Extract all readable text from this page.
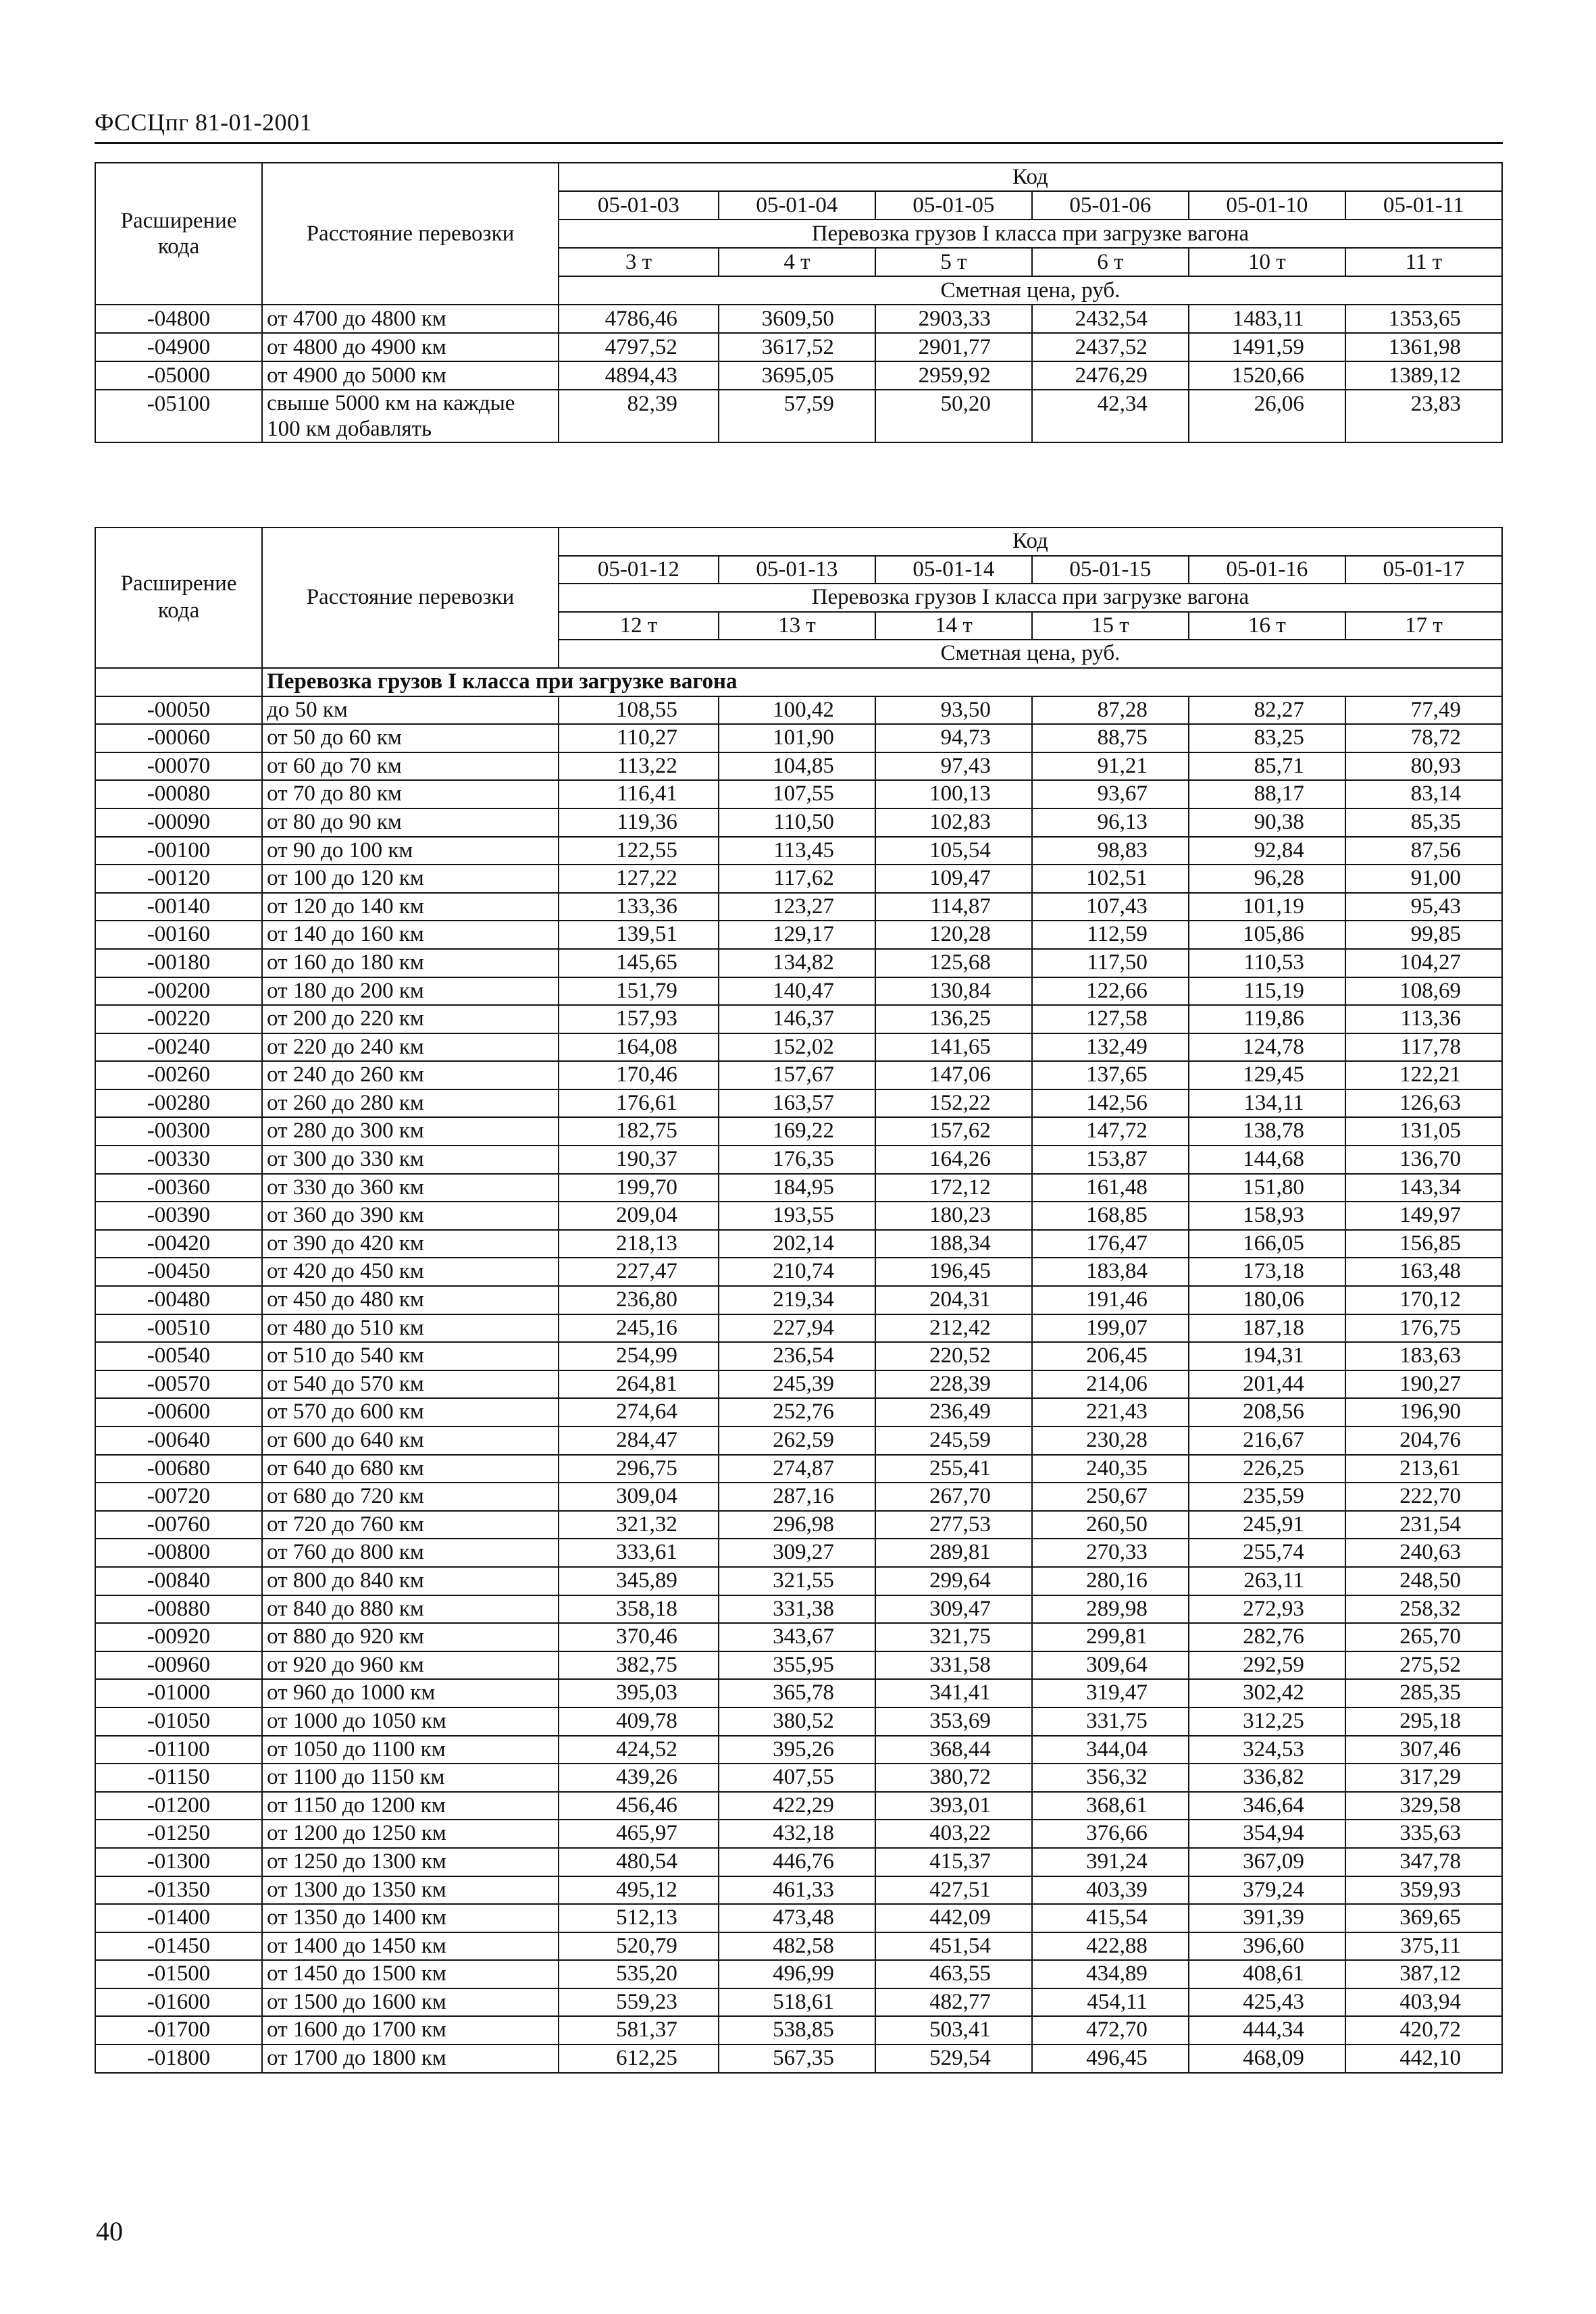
ФССЦпг 81-01-2001
Расширение кода	Расстояние перевозки	Код					
		05-01-03	05-01-04	05-01-05	05-01-06	05-01-10	05-01-11
		Перевозка грузов I класса при загрузке вагона					
		3 т	4 т	5 т	6 т	10 т	11 т
		Сметная цена, руб.					
-04800	от 4700 до 4800 км	4786,46	3609,50	2903,33	2432,54	1483,11	1353,65
-04900	от 4800 до 4900 км	4797,52	3617,52	2901,77	2437,52	1491,59	1361,98
-05000	от 4900 до 5000 км	4894,43	3695,05	2959,92	2476,29	1520,66	1389,12
-05100	свыше 5000 км на каждые 100 км добавлять	82,39	57,59	50,20	42,34	26,06	23,83
Расширение кода	Расстояние перевозки	Код					
		05-01-12	05-01-13	05-01-14	05-01-15	05-01-16	05-01-17
		Перевозка грузов I класса при загрузке вагона					
		12 т	13 т	14 т	15 т	16 т	17 т
		Сметная цена, руб.					
	Перевозка грузов I класса при загрузке вагона						
-00050	до 50 км	108,55	100,42	93,50	87,28	82,27	77,49
-00060	от 50 до 60 км	110,27	101,90	94,73	88,75	83,25	78,72
-00070	от 60 до 70 км	113,22	104,85	97,43	91,21	85,71	80,93
-00080	от 70 до 80 км	116,41	107,55	100,13	93,67	88,17	83,14
-00090	от 80 до 90 км	119,36	110,50	102,83	96,13	90,38	85,35
-00100	от 90 до 100 км	122,55	113,45	105,54	98,83	92,84	87,56
-00120	от 100 до 120 км	127,22	117,62	109,47	102,51	96,28	91,00
-00140	от 120 до 140 км	133,36	123,27	114,87	107,43	101,19	95,43
-00160	от 140 до 160 км	139,51	129,17	120,28	112,59	105,86	99,85
-00180	от 160 до 180 км	145,65	134,82	125,68	117,50	110,53	104,27
-00200	от 180 до 200 км	151,79	140,47	130,84	122,66	115,19	108,69
-00220	от 200 до 220 км	157,93	146,37	136,25	127,58	119,86	113,36
-00240	от 220 до 240 км	164,08	152,02	141,65	132,49	124,78	117,78
-00260	от 240 до 260 км	170,46	157,67	147,06	137,65	129,45	122,21
-00280	от 260 до 280 км	176,61	163,57	152,22	142,56	134,11	126,63
-00300	от 280 до 300 км	182,75	169,22	157,62	147,72	138,78	131,05
-00330	от 300 до 330 км	190,37	176,35	164,26	153,87	144,68	136,70
-00360	от 330 до 360 км	199,70	184,95	172,12	161,48	151,80	143,34
-00390	от 360 до 390 км	209,04	193,55	180,23	168,85	158,93	149,97
-00420	от 390 до 420 км	218,13	202,14	188,34	176,47	166,05	156,85
-00450	от 420 до 450 км	227,47	210,74	196,45	183,84	173,18	163,48
-00480	от 450 до 480 км	236,80	219,34	204,31	191,46	180,06	170,12
-00510	от 480 до 510 км	245,16	227,94	212,42	199,07	187,18	176,75
-00540	от 510 до 540 км	254,99	236,54	220,52	206,45	194,31	183,63
-00570	от 540 до 570 км	264,81	245,39	228,39	214,06	201,44	190,27
-00600	от 570 до 600 км	274,64	252,76	236,49	221,43	208,56	196,90
-00640	от 600 до 640 км	284,47	262,59	245,59	230,28	216,67	204,76
-00680	от 640 до 680 км	296,75	274,87	255,41	240,35	226,25	213,61
-00720	от 680 до 720 км	309,04	287,16	267,70	250,67	235,59	222,70
-00760	от 720 до 760 км	321,32	296,98	277,53	260,50	245,91	231,54
-00800	от 760 до 800 км	333,61	309,27	289,81	270,33	255,74	240,63
-00840	от 800 до 840 км	345,89	321,55	299,64	280,16	263,11	248,50
-00880	от 840 до 880 км	358,18	331,38	309,47	289,98	272,93	258,32
-00920	от 880 до 920 км	370,46	343,67	321,75	299,81	282,76	265,70
-00960	от 920 до 960 км	382,75	355,95	331,58	309,64	292,59	275,52
-01000	от 960 до 1000 км	395,03	365,78	341,41	319,47	302,42	285,35
-01050	от 1000 до 1050 км	409,78	380,52	353,69	331,75	312,25	295,18
-01100	от 1050 до 1100 км	424,52	395,26	368,44	344,04	324,53	307,46
-01150	от 1100 до 1150 км	439,26	407,55	380,72	356,32	336,82	317,29
-01200	от 1150 до 1200 км	456,46	422,29	393,01	368,61	346,64	329,58
-01250	от 1200 до 1250 км	465,97	432,18	403,22	376,66	354,94	335,63
-01300	от 1250 до 1300 км	480,54	446,76	415,37	391,24	367,09	347,78
-01350	от 1300 до 1350 км	495,12	461,33	427,51	403,39	379,24	359,93
-01400	от 1350 до 1400 км	512,13	473,48	442,09	415,54	391,39	369,65
-01450	от 1400 до 1450 км	520,79	482,58	451,54	422,88	396,60	375,11
-01500	от 1450 до 1500 км	535,20	496,99	463,55	434,89	408,61	387,12
-01600	от 1500 до 1600 км	559,23	518,61	482,77	454,11	425,43	403,94
-01700	от 1600 до 1700 км	581,37	538,85	503,41	472,70	444,34	420,72
-01800	от 1700 до 1800 км	612,25	567,35	529,54	496,45	468,09	442,10
40
